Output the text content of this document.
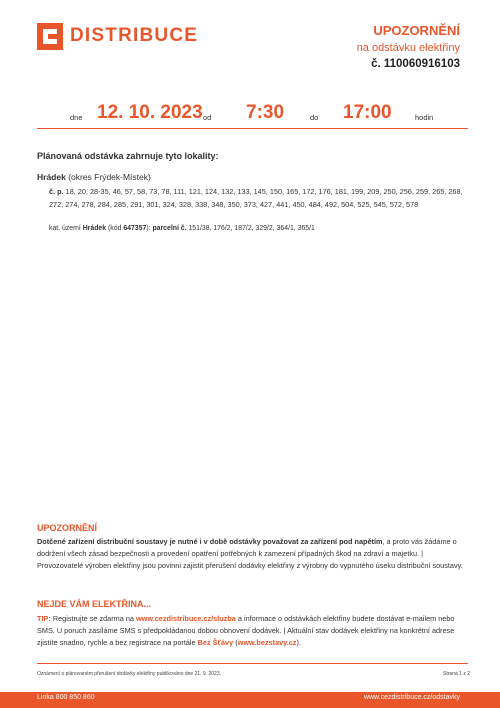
DISTRIBUCE	UPOZORNĚNÍ
na odstávku elektřiny
č. 110060916103
dne 12. 10. 2023 od 7:30	do 17:00	hodin
Plánovaná odstávka zahrnuje tyto lokality:
Hrádek (okres Frýdek-Místek)
č. p. 18, 20, 28-35, 46, 57, 58, 73, 78, 111, 121, 124, 132, 133, 145, 150, 165, 172, 176, 181, 199, 209, 250, 256, 259, 265, 268, 272, 274, 278, 284, 285, 291, 301, 324, 328, 338, 348, 350, 373, 427, 441, 450, 484, 492, 504, 525, 545, 572, 578
kat. území Hrádek (kód 647357): parcelní č. 151/38, 176/2, 187/2, 329/2, 364/1, 365/1
UPOZORNĚNÍ
Dotčené zařízení distribuční soustavy je nutné i v době odstávky považovat za zařízení pod napětím, a proto vás žádáme o dodržení všech zásad bezpečnosti a provedení opatření potřebných k zamezení případných škod na zdraví a majetku. | Provozovatelé výroben elektřiny jsou povinni zajistit přerušení dodávky elektřiny z výrobny do vypnutého úseku distribuční soustavy.
NEJDE VÁM ELEKTŘINA...
TIP: Registrujte se zdarma na www.cezdistribuce.cz/sluzba a informace o odstávkách elektřiny budete dostávat e-mailem nebo SMS. U poruch zasíláme SMS s předpokládanou dobou obnovení dodávek. | Aktuální stav dodávek elektřiny na konkrétní adrese zjistíte snadno, rychle a bez registrace na portále Bez Šťávy (www.bezstavy.cz).
Oznámení o plánovaném přerušení dodávky elektřiny publikováno dne 21. 9. 2023.	Strana 1 z 2
Linka 800 850 860	www.cezdistribuce.cz/odstavky
